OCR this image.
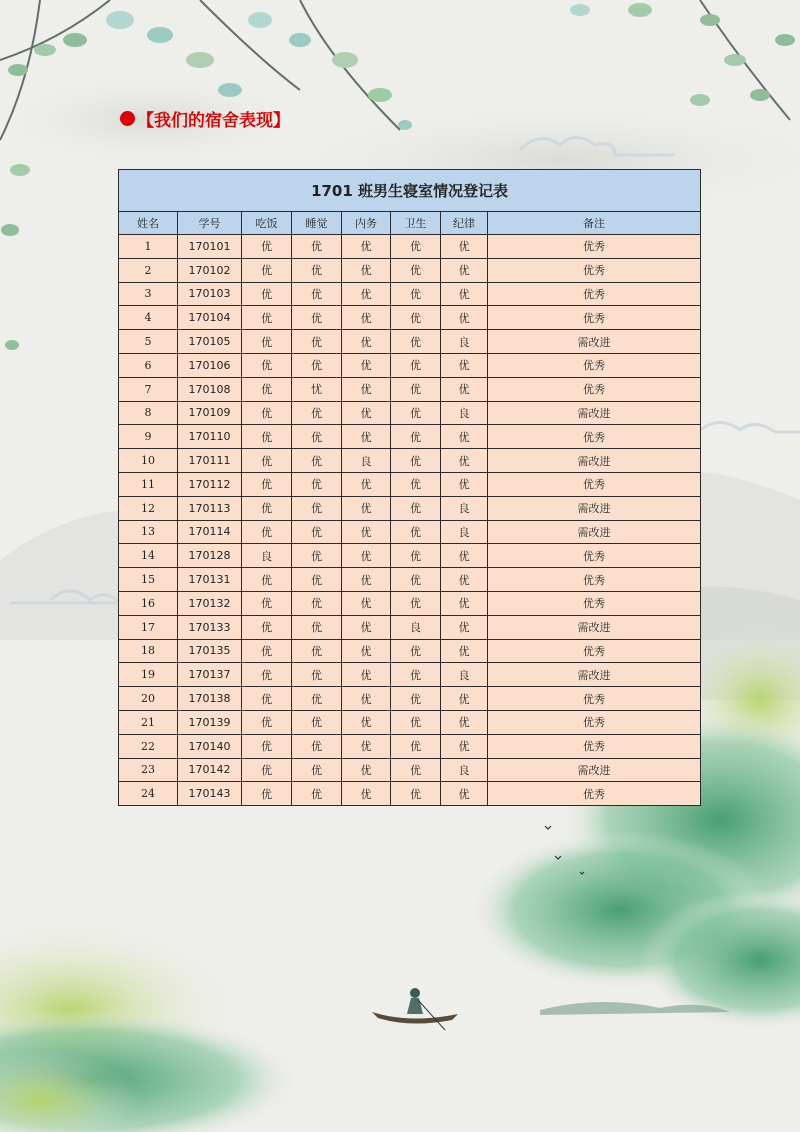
【我们的宿舍表现】
1701 班男生寝室情况登记表							
姓名	学号	吃饭	睡觉	内务	卫生	纪律	备注
1	170101	优	优	优	优	优	优秀
2	170102	优	优	优	优	优	优秀
3	170103	优	优	优	优	优	优秀
4	170104	优	优	优	优	优	优秀
5	170105	优	优	优	优	良	需改进
6	170106	优	优	优	优	优	优秀
7	170108	优	忧	优	优	优	优秀
8	170109	优	优	优	优	良	需改进
9	170110	优	优	优	优	优	优秀
10	170111	优	优	良	优	优	需改进
11	170112	优	优	优	优	优	优秀
12	170113	优	优	优	优	良	需改进
13	170114	优	优	优	优	良	需改进
14	170128	良	优	优	优	优	优秀
15	170131	优	优	优	优	优	优秀
16	170132	优	优	优	优	优	优秀
17	170133	优	优	优	良	优	需改进
18	170135	优	优	优	优	优	优秀
19	170137	优	优	优	优	良	需改进
20	170138	优	优	优	优	优	优秀
21	170139	优	优	优	优	优	优秀
22	170140	优	优	优	优	优	优秀
23	170142	优	优	优	优	良	需改进
24	170143	优	优	优	优	优	优秀
